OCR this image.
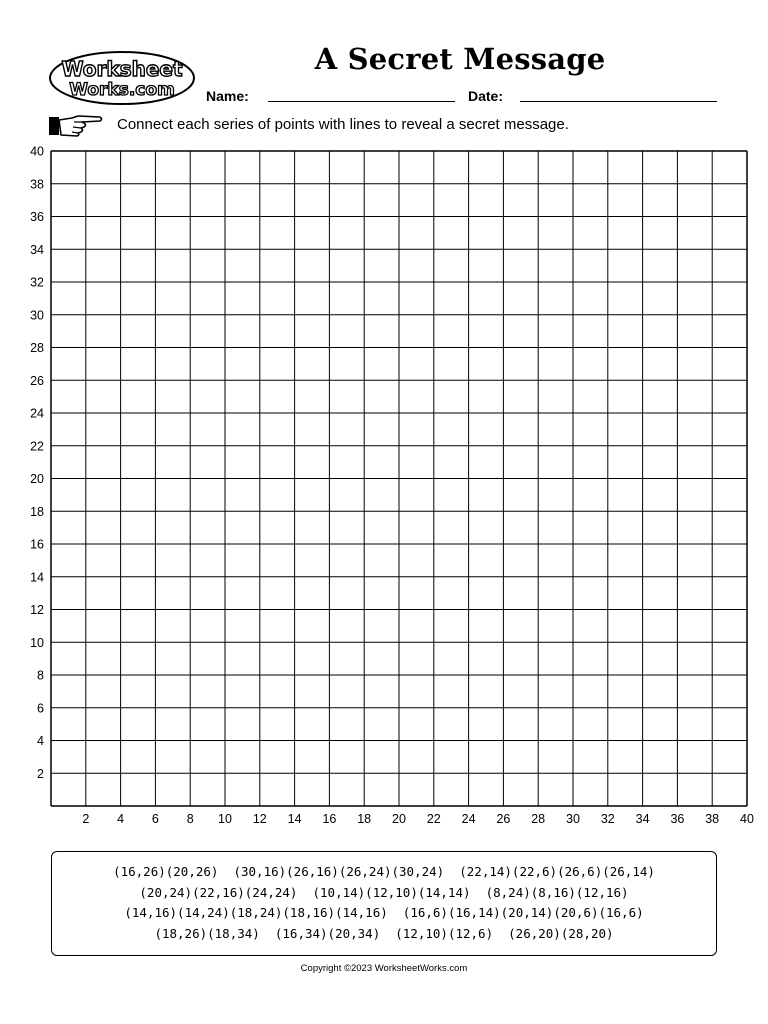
Worksheet
Works.com
A Secret Message
Name:	Date:
Connect each series of points with lines to reveal a secret message.
2 4 6 8 10 12 14 16 18 20 22 24 26 28 30 32 34 36 38 40
2
4
6
8
10
12
14
16
18
20
22
24
26
28
30
32
34
36
38
40
(16,26)(20,26)  (30,16)(26,16)(26,24)(30,24)  (22,14)(22,6)(26,6)(26,14)
(20,24)(22,16)(24,24)  (10,14)(12,10)(14,14)  (8,24)(8,16)(12,16)
(14,16)(14,24)(18,24)(18,16)(14,16)  (16,6)(16,14)(20,14)(20,6)(16,6)
(18,26)(18,34)  (16,34)(20,34)  (12,10)(12,6)  (26,20)(28,20)
Copyright ©2023 WorksheetWorks.com
